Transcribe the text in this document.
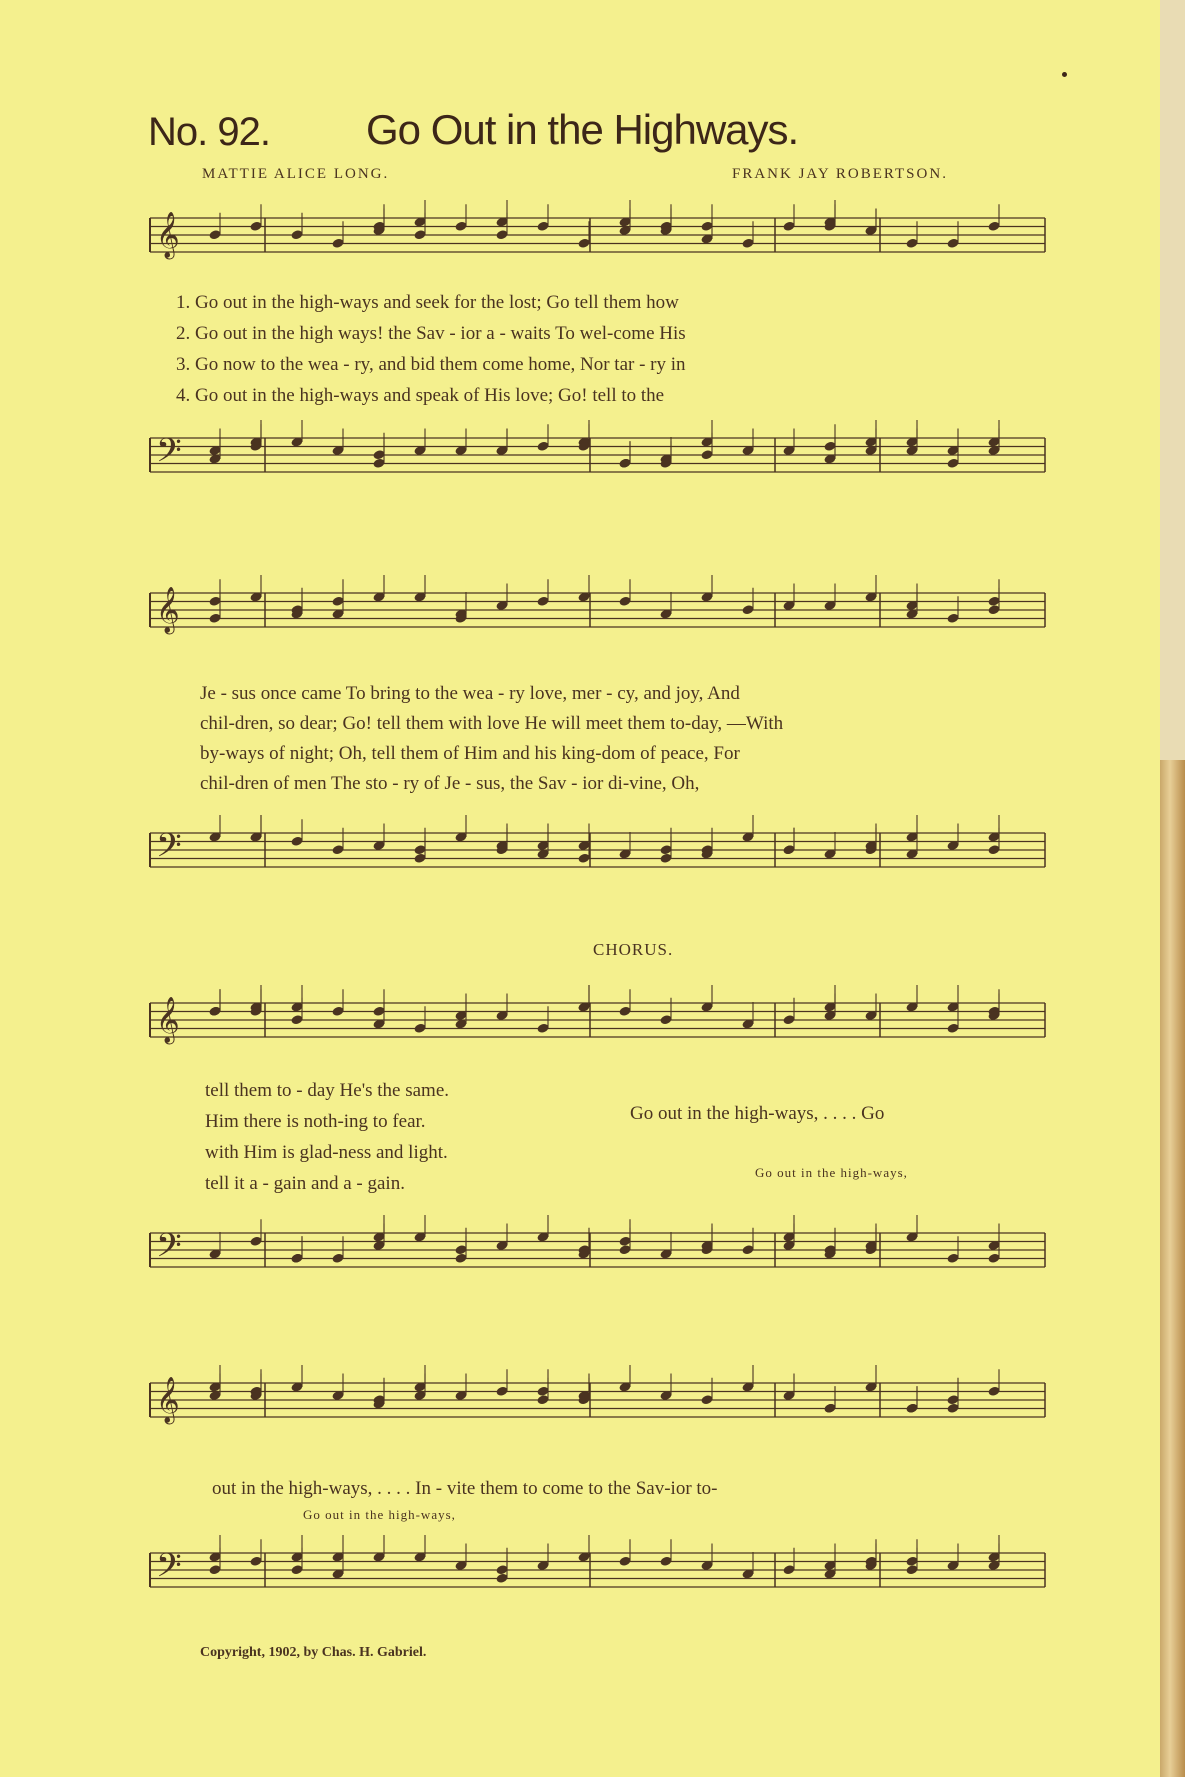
No. 92. Go Out in the Highways.
MATTIE ALICE LONG.	FRANK JAY ROBERTSON.
𝄞
1. Go out in the high-ways and seek for the lost; Go tell them how
2. Go out in the high ways! the Sav - ior a - waits To wel-come His
3. Go now to the wea - ry, and bid them come home, Nor tar - ry in
4. Go out in the high-ways and speak of His love; Go! tell to the
𝄢
𝄞
Je - sus once came To bring to the wea - ry love, mer - cy, and joy, And
chil-dren, so dear; Go! tell them with love He will meet them to-day, —With
by-ways of night; Oh, tell them of Him and his king-dom of peace, For
chil-dren of men The sto - ry of Je - sus, the Sav - ior di-vine, Oh,
𝄢
CHORUS.
𝄞
tell them to - day He's the same.
Him there is noth-ing to fear.
with Him is glad-ness and light.
tell it a - gain and a - gain.
Go out in the high-ways, . . . . Go
Go out in the high-ways,
𝄢
𝄞
out in the high-ways, . . . . In - vite them to come to the Sav-ior to-
Go out in the high-ways,
𝄢
Copyright, 1902, by Chas. H. Gabriel.
